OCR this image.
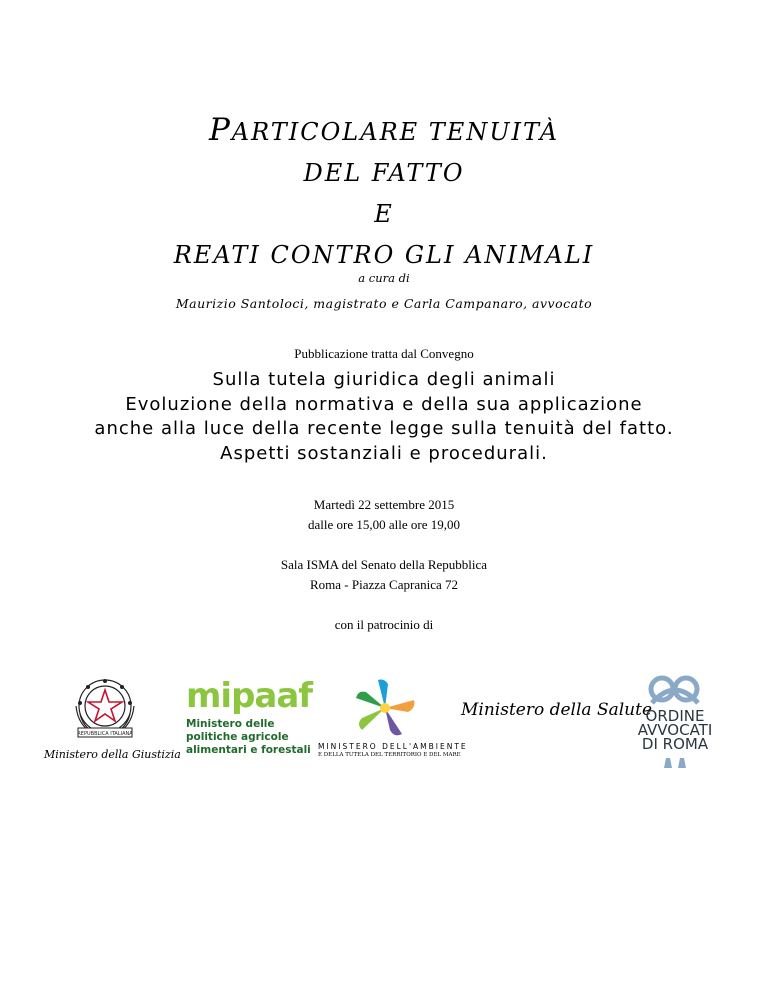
PARTICOLARE TENUITÀ

DEL FATTO

E

REATI CONTRO GLI ANIMALI

a cura di
Maurizio Santoloci, magistrato e Carla Campanaro, avvocato
Pubblicazione tratta dal Convegno
Sulla tutela giuridica degli animali
Evoluzione della normativa e della sua applicazione
anche alla luce della recente legge sulla tenuità del fatto.
Aspetti sostanziali e procedurali.
Martedì 22 settembre 2015
dalle ore 15,00 alle ore 19,00
Sala ISMA del Senato della Repubblica
Roma - Piazza Capranica 72
con il patrocinio di
REPUBBLICA ITALIANA
Ministero della Giustizia
mipaaf
Ministero delle
politiche agricole
alimentari e forestali MINISTERO DELL'AMBIENTE
E DELLA TUTELA DEL TERRITORIO E DEL MARE
Ministero della Salute
ORDINE
AVVOCATI
DI ROMA
